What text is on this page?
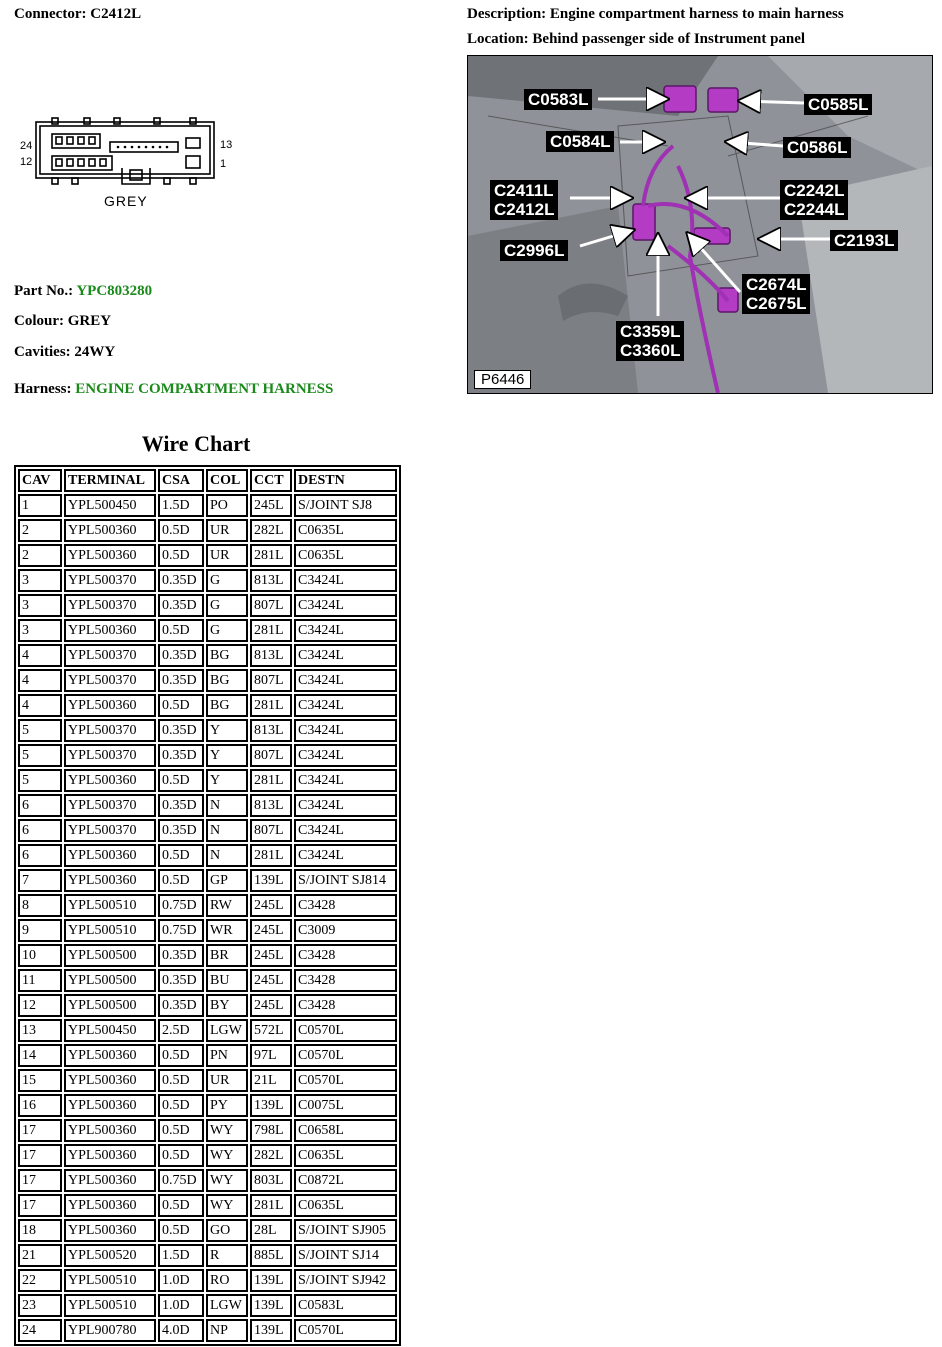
Connector: C2412L	Description: Engine compartment harness to main harness
Location: Behind passenger side of Instrument panel
24
12
13
1
GREY
Part No.: YPC803280
Colour: GREY
Cavities: 24WY
Harness: ENGINE COMPARTMENT HARNESS
C0583L	C0585L
C0584L	C0586L
C2411L
C2412L
C2242L
C2244L
C2193L
C2996L
C2674L
C2675L
C3359L
C3360L
P6446
Wire Chart
CAV	TERMINAL	CSA	COL	CCT	DESTN
1	YPL500450	1.5D	PO	245L	S/JOINT SJ8
2	YPL500360	0.5D	UR	282L	C0635L
2	YPL500360	0.5D	UR	281L	C0635L
3	YPL500370	0.35D	G	813L	C3424L
3	YPL500370	0.35D	G	807L	C3424L
3	YPL500360	0.5D	G	281L	C3424L
4	YPL500370	0.35D	BG	813L	C3424L
4	YPL500370	0.35D	BG	807L	C3424L
4	YPL500360	0.5D	BG	281L	C3424L
5	YPL500370	0.35D	Y	813L	C3424L
5	YPL500370	0.35D	Y	807L	C3424L
5	YPL500360	0.5D	Y	281L	C3424L
6	YPL500370	0.35D	N	813L	C3424L
6	YPL500370	0.35D	N	807L	C3424L
6	YPL500360	0.5D	N	281L	C3424L
7	YPL500360	0.5D	GP	139L	S/JOINT SJ814
8	YPL500510	0.75D	RW	245L	C3428
9	YPL500510	0.75D	WR	245L	C3009
10	YPL500500	0.35D	BR	245L	C3428
11	YPL500500	0.35D	BU	245L	C3428
12	YPL500500	0.35D	BY	245L	C3428
13	YPL500450	2.5D	LGW	572L	C0570L
14	YPL500360	0.5D	PN	97L	C0570L
15	YPL500360	0.5D	UR	21L	C0570L
16	YPL500360	0.5D	PY	139L	C0075L
17	YPL500360	0.5D	WY	798L	C0658L
17	YPL500360	0.5D	WY	282L	C0635L
17	YPL500360	0.75D	WY	803L	C0872L
17	YPL500360	0.5D	WY	281L	C0635L
18	YPL500360	0.5D	GO	28L	S/JOINT SJ905
21	YPL500520	1.5D	R	885L	S/JOINT SJ14
22	YPL500510	1.0D	RO	139L	S/JOINT SJ942
23	YPL500510	1.0D	LGW	139L	C0583L
24	YPL900780	4.0D	NP	139L	C0570L
